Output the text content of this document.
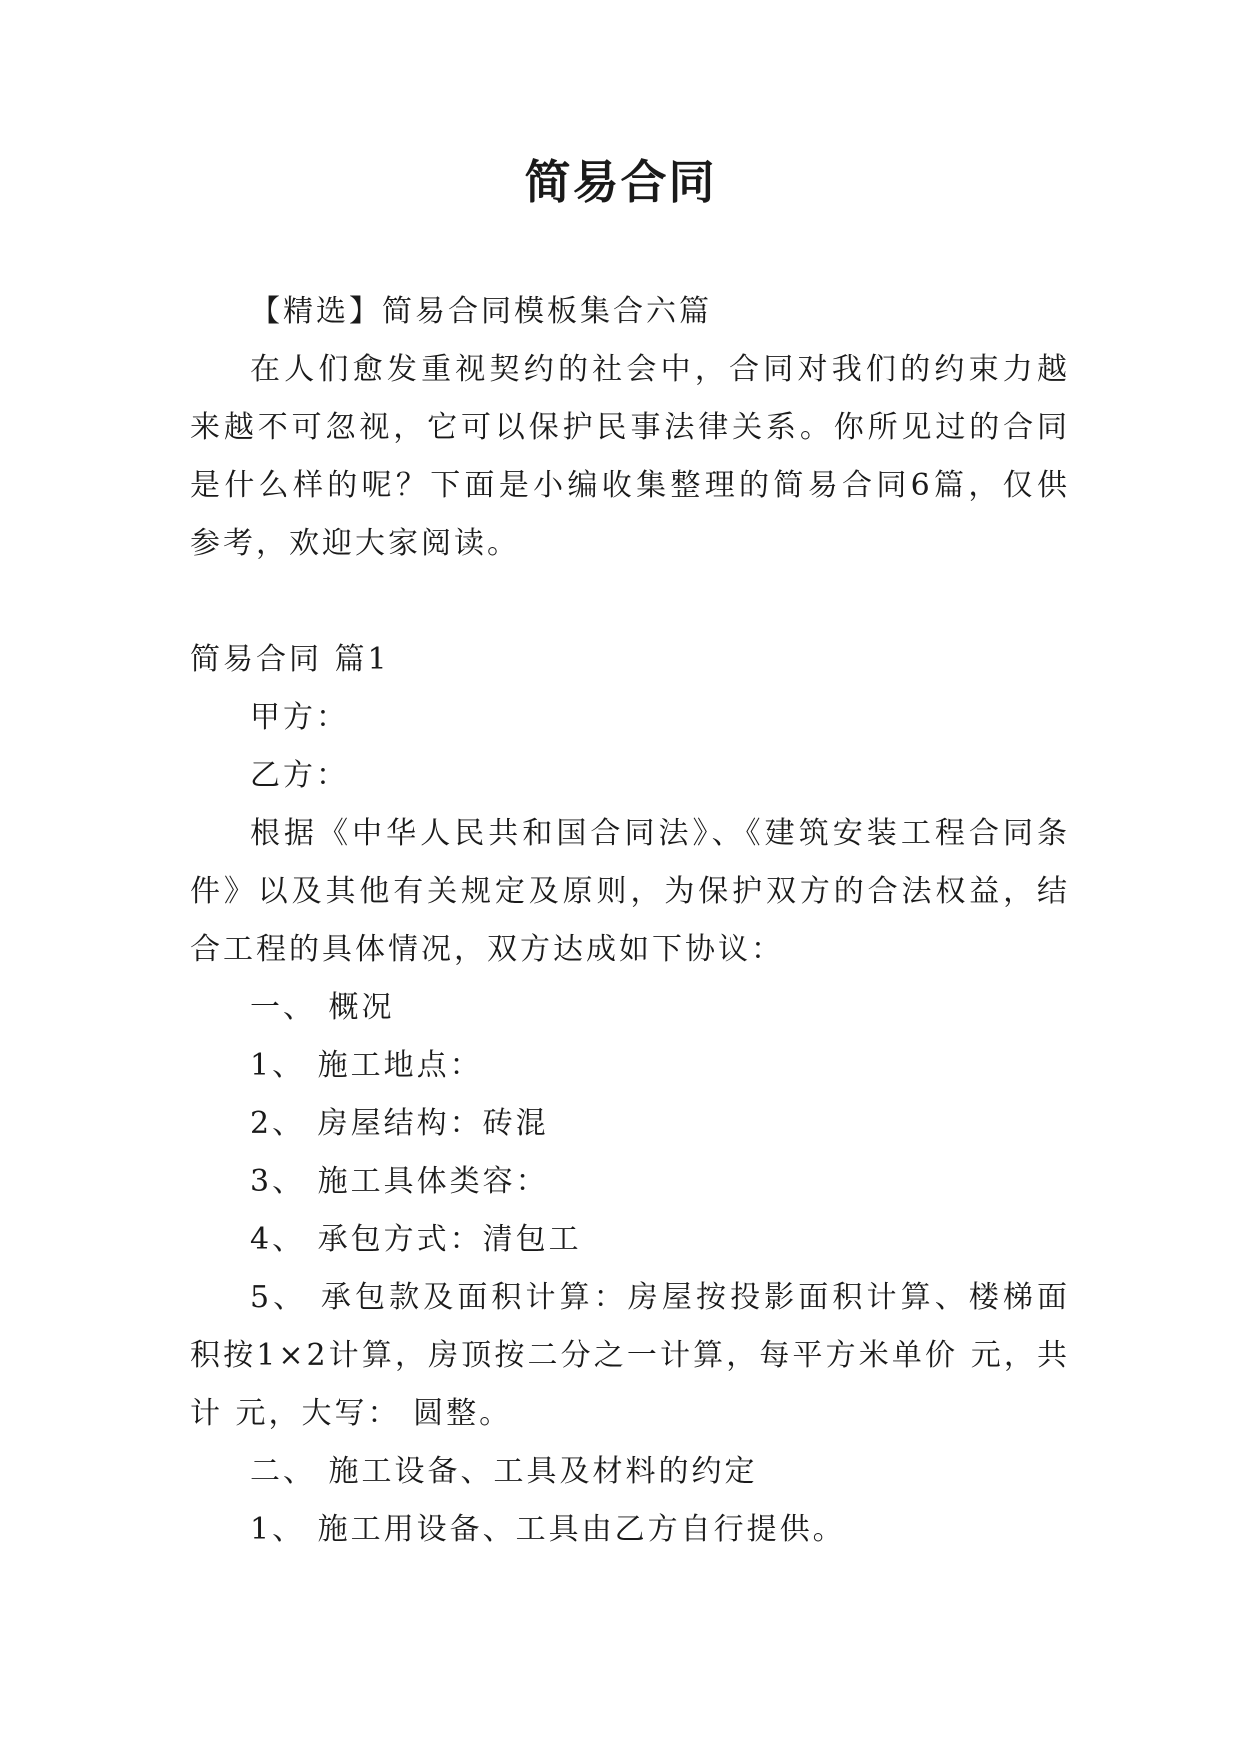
简易合同

【精选】简易合同模板集合六篇

在人们愈发重视契约的社会中，合同对我们的约束力越来越不可忽视，它可以保护民事法律关系。你所见过的合同是什么样的呢？下面是小编收集整理的简易合同6篇，仅供参考，欢迎大家阅读。

简易合同 篇1

甲方：

乙方：

根据《中华人民共和国合同法》、《建筑安装工程合同条件》以及其他有关规定及原则，为保护双方的合法权益，结合工程的具体情况，双方达成如下协议：

一、 概况

1、 施工地点：

2、 房屋结构：砖混

3、 施工具体类容：

4、 承包方式：清包工

5、 承包款及面积计算：房屋按投影面积计算、楼梯面积按1×2计算，房顶按二分之一计算，每平方米单价 元，共计 元，大写： 圆整。

二、 施工设备、工具及材料的约定

1、 施工用设备、工具由乙方自行提供。
